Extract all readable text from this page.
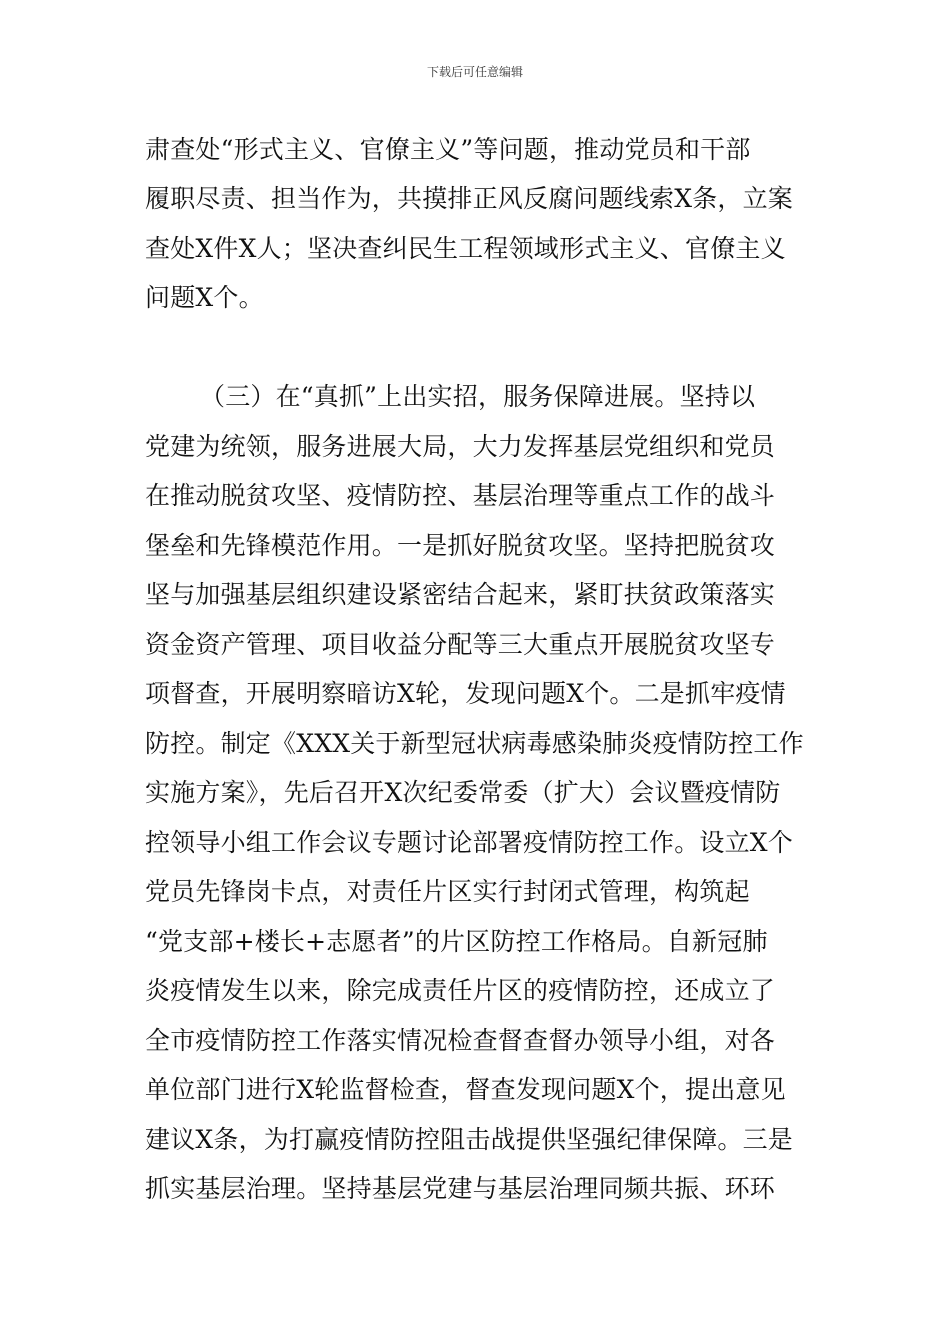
下载后可任意编辑
肃查处“形式主义、官僚主义”等问题，推动党员和干部
履职尽责、担当作为，共摸排正风反腐问题线索X条，立案
查处X件X人；坚决查纠民生工程领域形式主义、官僚主义
问题X个。
（三）在“真抓”上出实招，服务保障进展。坚持以
党建为统领，服务进展大局，大力发挥基层党组织和党员
在推动脱贫攻坚、疫情防控、基层治理等重点工作的战斗
堡垒和先锋模范作用。一是抓好脱贫攻坚。坚持把脱贫攻
坚与加强基层组织建设紧密结合起来，紧盯扶贫政策落实
资金资产管理、项目收益分配等三大重点开展脱贫攻坚专
项督查，开展明察暗访X轮，发现问题X个。二是抓牢疫情
防控。制定《XXX关于新型冠状病毒感染肺炎疫情防控工作
实施方案》，先后召开X次纪委常委（扩大）会议暨疫情防
控领导小组工作会议专题讨论部署疫情防控工作。设立X个
党员先锋岗卡点，对责任片区实行封闭式管理，构筑起
“党支部+楼长+志愿者”的片区防控工作格局。自新冠肺
炎疫情发生以来，除完成责任片区的疫情防控，还成立了
全市疫情防控工作落实情况检查督查督办领导小组，对各
单位部门进行X轮监督检查，督查发现问题X个，提出意见
建议X条，为打赢疫情防控阻击战提供坚强纪律保障。三是
抓实基层治理。坚持基层党建与基层治理同频共振、环环
